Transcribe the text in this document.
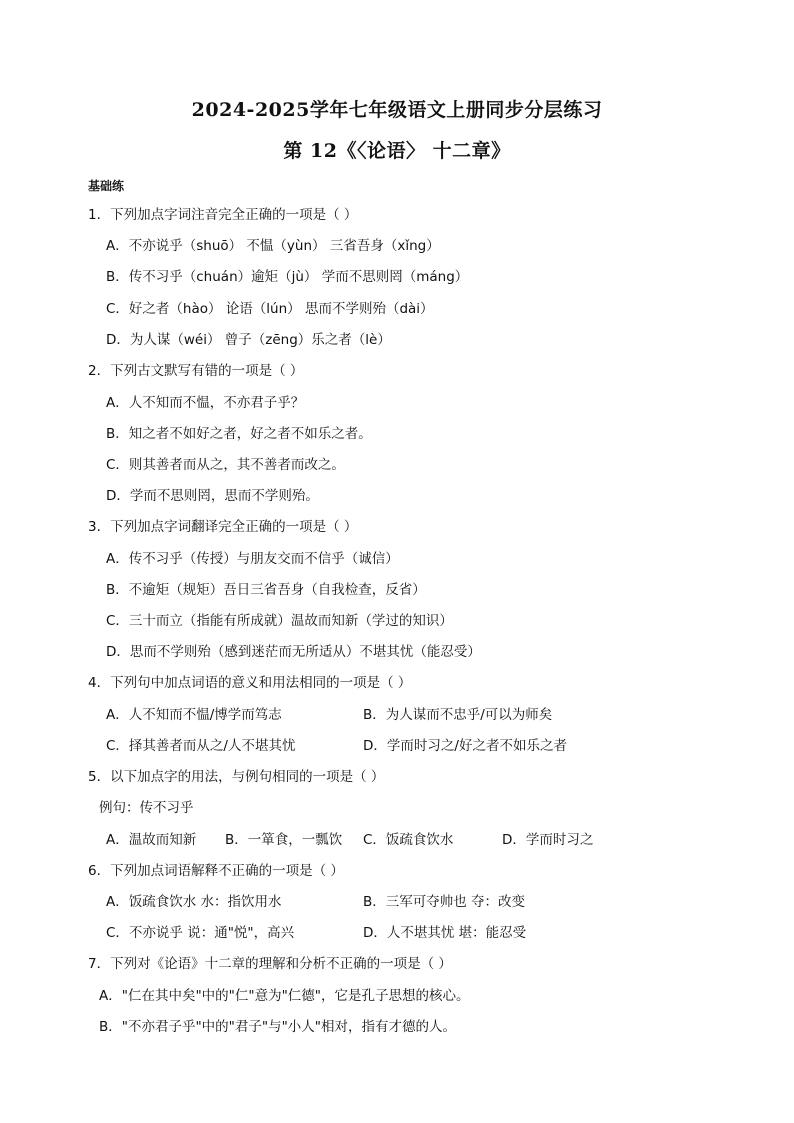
2024-2025学年七年级语文上册同步分层练习
第 12《〈论语〉 十二章》
基础练
1．下列加点字词注音完全正确的一项是（ ）
A．不亦说乎（shuō） 不愠（yùn） 三省吾身（xǐng）
B．传不习乎（chuán）逾矩（jù） 学而不思则罔（máng）
C．好之者（hào） 论语（lún） 思而不学则殆（dài）
D．为人谋（wéi） 曾子（zēng）乐之者（lè）
2．下列古文默写有错的一项是（ ）
A．人不知而不愠，不亦君子乎？
B．知之者不如好之者，好之者不如乐之者。
C．则其善者而从之，其不善者而改之。
D．学而不思则罔，思而不学则殆。
3．下列加点字词翻译完全正确的一项是（ ）
A．传不习乎（传授）与朋友交而不信乎（诚信）
B．不逾矩（规矩）吾日三省吾身（自我检查，反省）
C．三十而立（指能有所成就）温故而知新（学过的知识）
D．思而不学则殆（感到迷茫而无所适从）不堪其忧（能忍受）
4．下列句中加点词语的意义和用法相同的一项是（ ）
A．人不知而不愠/博学而笃志	B．为人谋而不忠乎/可以为师矣
C．择其善者而从之/人不堪其忧	D．学而时习之/好之者不如乐之者
5．以下加点字的用法，与例句相同的一项是（ ）
例句：传不习乎
A．温故而知新 B．一箪食，一瓢饮 C．饭疏食饮水	D．学而时习之
6．下列加点词语解释不正确的一项是（ ）
A．饭疏食饮水 水：指饮用水	B．三军可夺帅也 夺：改变
C．不亦说乎 说：通"悦"，高兴	D．人不堪其忧 堪：能忍受
7．下列对《论语》十二章的理解和分析不正确的一项是（ ）
A．"仁在其中矣"中的"仁"意为"仁德"，它是孔子思想的核心。
B．"不亦君子乎"中的"君子"与"小人"相对，指有才德的人。
